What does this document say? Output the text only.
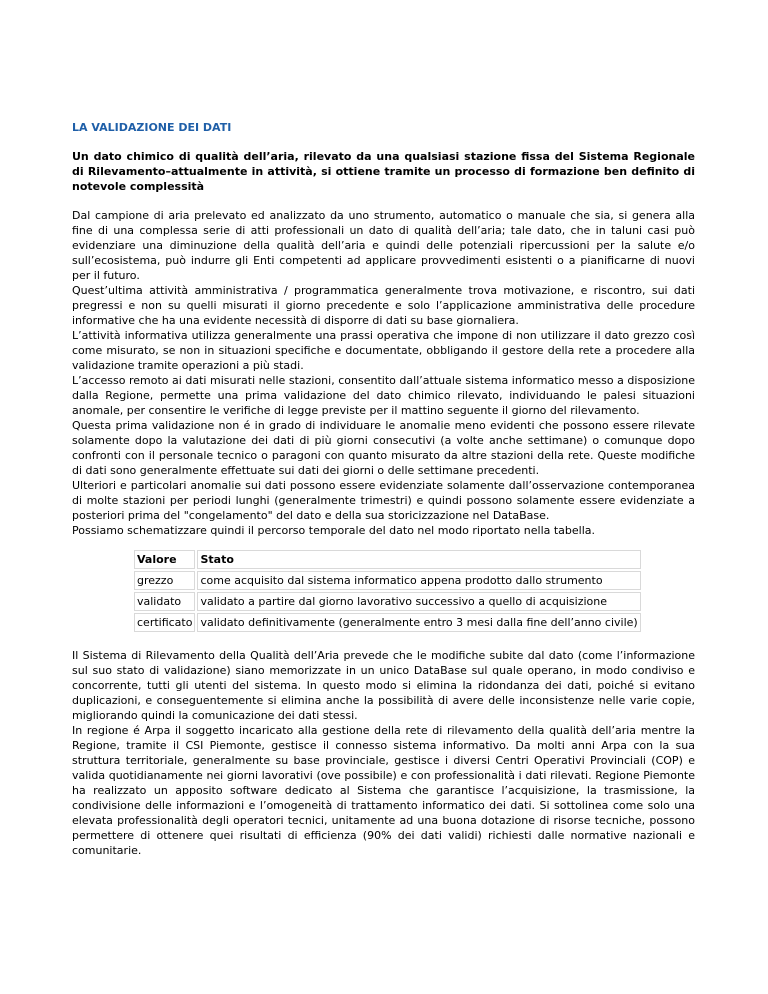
LA VALIDAZIONE DEI DATI
Un dato chimico di qualità dell’aria, rilevato da una qualsiasi stazione fissa del Sistema Regionale di Rilevamento–attualmente in attività, si ottiene tramite un processo di formazione ben definito di notevole complessità

Dal campione di aria prelevato ed analizzato da uno strumento, automatico o manuale che sia, si genera alla fine di una complessa serie di atti professionali un dato di qualità dell’aria; tale dato, che in taluni casi può evidenziare una diminuzione della qualità dell’aria e quindi delle potenziali ripercussioni per la salute e/o sull’ecosistema, può indurre gli Enti competenti ad applicare provvedimenti esistenti o a pianificarne di nuovi per il futuro.

Quest’ultima attività amministrativa / programmatica generalmente trova motivazione, e riscontro, sui dati pregressi e non su quelli misurati il giorno precedente e solo l’applicazione amministrativa delle procedure informative che ha una evidente necessità di disporre di dati su base giornaliera.

L’attività informativa utilizza generalmente una prassi operativa che impone di non utilizzare il dato grezzo così come misurato, se non in situazioni specifiche e documentate, obbligando il gestore della rete a procedere alla validazione tramite operazioni a più stadi.

L’accesso remoto ai dati misurati nelle stazioni, consentito dall’attuale sistema informatico messo a disposizione dalla Regione, permette una prima validazione del dato chimico rilevato, individuando le palesi situazioni anomale, per consentire le verifiche di legge previste per il mattino seguente il giorno del rilevamento.

Questa prima validazione non é in grado di individuare le anomalie meno evidenti che possono essere rilevate solamente dopo la valutazione dei dati di più giorni consecutivi (a volte anche settimane) o comunque dopo confronti con il personale tecnico o paragoni con quanto misurato da altre stazioni della rete. Queste modifiche di dati sono generalmente effettuate sui dati dei giorni o delle settimane precedenti.

Ulteriori e particolari anomalie sui dati possono essere evidenziate solamente dall’osservazione contemporanea di molte stazioni per periodi lunghi (generalmente trimestri) e quindi possono solamente essere evidenziate a posteriori prima del "congelamento" del dato e della sua storicizzazione nel DataBase.

Possiamo schematizzare quindi il percorso temporale del dato nel modo riportato nella tabella.

Valore	Stato
grezzo	come acquisito dal sistema informatico appena prodotto dallo strumento
validato	validato a partire dal giorno lavorativo successivo a quello di acquisizione
certificato	validato definitivamente (generalmente entro 3 mesi dalla fine dell’anno civile)

Il Sistema di Rilevamento della Qualità dell’Aria prevede che le modifiche subite dal dato (come l’informazione sul suo stato di validazione) siano memorizzate in un unico DataBase sul quale operano, in modo condiviso e concorrente, tutti gli utenti del sistema. In questo modo si elimina la ridondanza dei dati, poiché si evitano duplicazioni, e conseguentemente si elimina anche la possibilità di avere delle inconsistenze nelle varie copie, migliorando quindi la comunicazione dei dati stessi.

In regione é Arpa il soggetto incaricato alla gestione della rete di rilevamento della qualità dell’aria mentre la Regione, tramite il CSI Piemonte, gestisce il connesso sistema informativo. Da molti anni Arpa con la sua struttura territoriale, generalmente su base provinciale, gestisce i diversi Centri Operativi Provinciali (COP) e valida quotidianamente nei giorni lavorativi (ove possibile) e con professionalità i dati rilevati. Regione Piemonte ha realizzato un apposito software dedicato al Sistema che garantisce l’acquisizione, la trasmissione, la condivisione delle informazioni e l’omogeneità di trattamento informatico dei dati. Si sottolinea come solo una elevata professionalità degli operatori tecnici, unitamente ad una buona dotazione di risorse tecniche, possono permettere di ottenere quei risultati di efficienza (90% dei dati validi) richiesti dalle normative nazionali e comunitarie.
